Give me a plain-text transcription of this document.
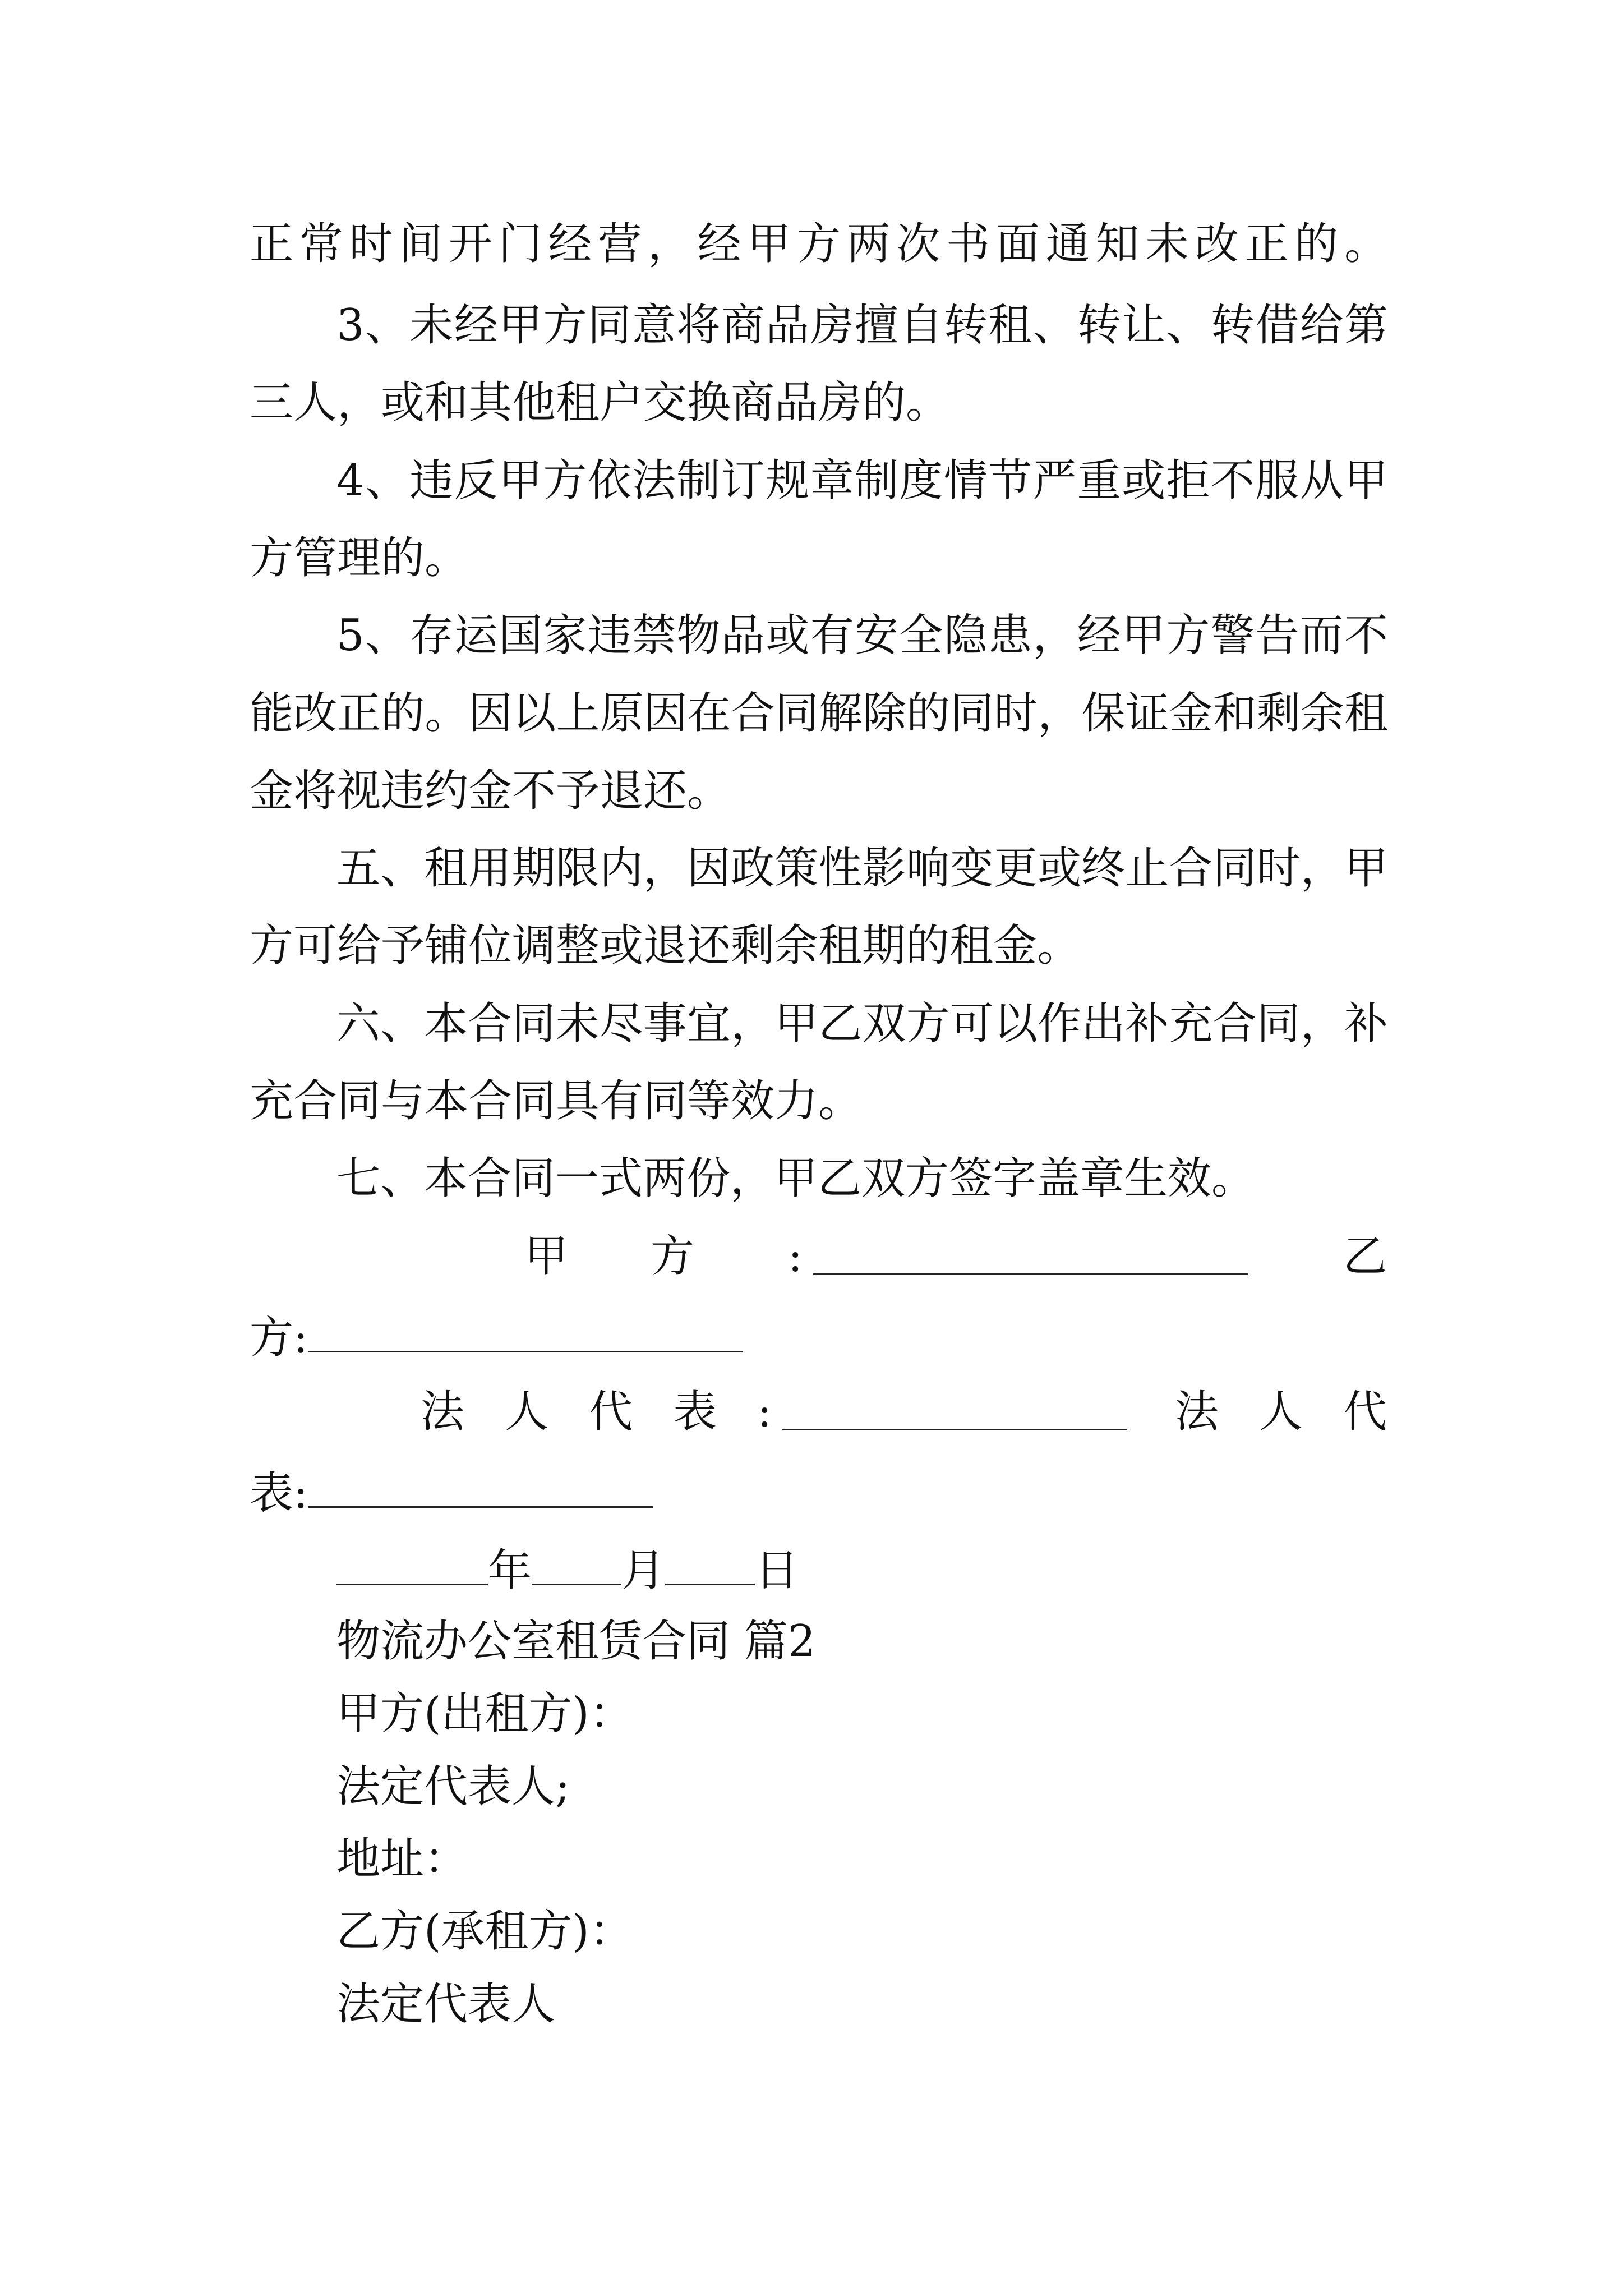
正常时间开门经营，经甲方两次书面通知未改正的。
3、未经甲方同意将商品房擅自转租、转让、转借给第
三人，或和其他租户交换商品房的。
4、违反甲方依法制订规章制度情节严重或拒不服从甲
方管理的。
5、存运国家违禁物品或有安全隐患，经甲方警告而不
能改正的。因以上原因在合同解除的同时，保证金和剩余租
金将视违约金不予退还。
五、租用期限内，因政策性影响变更或终止合同时，甲
方可给予铺位调整或退还剩余租期的租金。
六、本合同未尽事宜，甲乙双方可以作出补充合同，补
充合同与本合同具有同等效力。
七、本合同一式两份，甲乙双方签字盖章生效。
甲 方 :	乙
方:
法 人 代 表 :	法 人 代
表:
年 月 日
物流办公室租赁合同 篇2
甲方(出租方)：
法定代表人;
地址：
乙方(承租方)：
法定代表人
